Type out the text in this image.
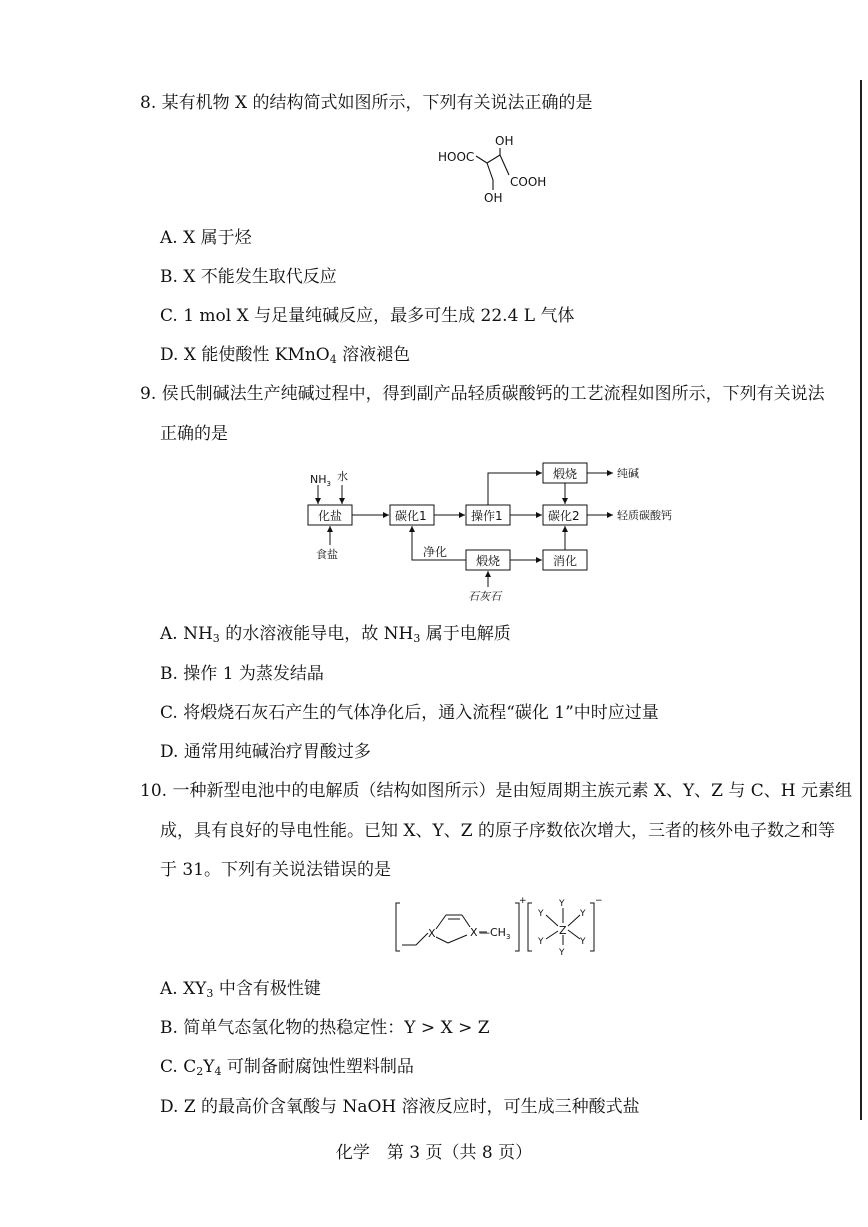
8. 某有机物 X 的结构简式如图所示，下列有关说法正确的是
HOOC
OH
COOH
OH
A. X 属于烃
B. X 不能发生取代反应
C. 1 mol X 与足量纯碱反应，最多可生成 22.4 L 气体
D. X 能使酸性 KMnO$_4$ 溶液褪色
9. 侯氏制碱法生产纯碱过程中，得到副产品轻质碳酸钙的工艺流程如图所示，下列有关说法
正确的是
$NH_3$
水
化盐
食盐
碳化1	操作1
煅烧	纯碱
碳化2	轻质碳酸钙
净化
煅烧	消化
石灰石
A. $NH_3$ 的水溶液能导电，故 $NH_3$ 属于电解质
B. 操作 1 为蒸发结晶
C. 将煅烧石灰石产生的气体净化后，通入流程“碳化 1”中时应过量
D. 通常用纯碱治疗胃酸过多
10. 一种新型电池中的电解质（结构如图所示）是由短周期主族元素 X、Y、Z 与 C、H 元素组
成，具有良好的导电性能。已知 X、Y、Z 的原子序数依次增大，三者的核外电子数之和等
于 31。下列有关说法错误的是
X	X $—CH_3$
+	−
Z
Y
Y
Y	Y
Y	Y
A. $XY_3$ 中含有极性键
B. 简单气态氢化物的热稳定性：Y > X > Z
C. $C_2Y_4$ 可制备耐腐蚀性塑料制品
D. Z 的最高价含氧酸与 NaOH 溶液反应时，可生成三种酸式盐
化学　第 3 页（共 8 页）
